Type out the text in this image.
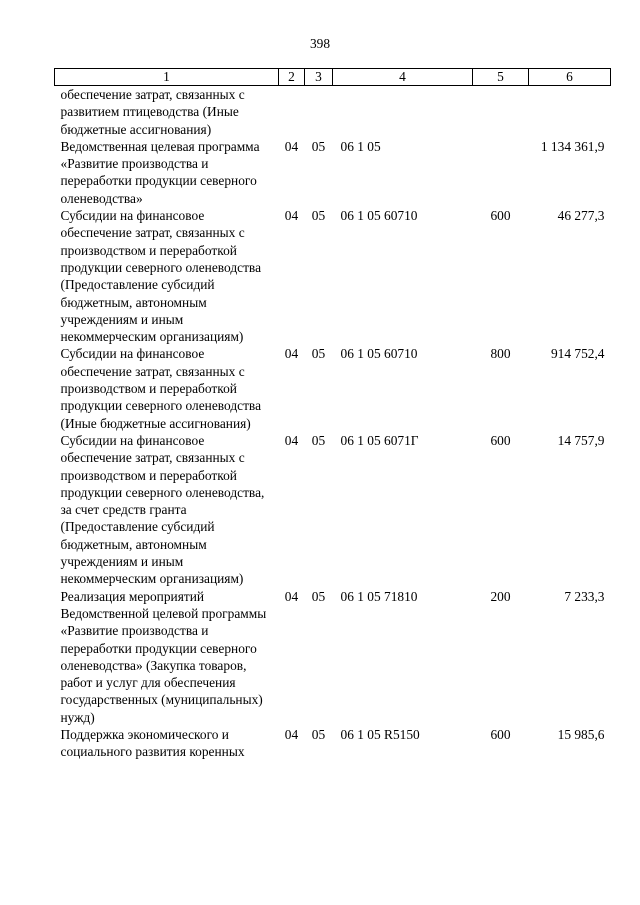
398
1	2	3	4	5	6
обеспечение затрат, связанных с развитием птицеводства (Иные бюджетные ассигнования)					
Ведомственная целевая программа «Развитие производства и переработки продукции северного оленеводства»	04	05	06 1 05		1 134 361,9
Субсидии на финансовое обеспечение затрат, связанных с производством и переработкой продукции северного оленеводства (Предоставление субсидий бюджетным, автономным учреждениям и иным некоммерческим организациям)	04	05	06 1 05 60710	600	46 277,3
Субсидии на финансовое обеспечение затрат, связанных с производством и переработкой продукции северного оленеводства (Иные бюджетные ассигнования)	04	05	06 1 05 60710	800	914 752,4
Субсидии на финансовое обеспечение затрат, связанных с производством и переработкой продукции северного оленеводства, за счет средств гранта (Предоставление субсидий бюджетным, автономным учреждениям и иным некоммерческим организациям)	04	05	06 1 05 6071Г	600	14 757,9
Реализация мероприятий Ведомственной целевой программы «Развитие производства и переработки продукции северного оленеводства» (Закупка товаров, работ и услуг для обеспечения государственных (муниципальных) нужд)	04	05	06 1 05 71810	200	7 233,3
Поддержка экономического и социального развития коренных	04	05	06 1 05 R5150	600	15 985,6
